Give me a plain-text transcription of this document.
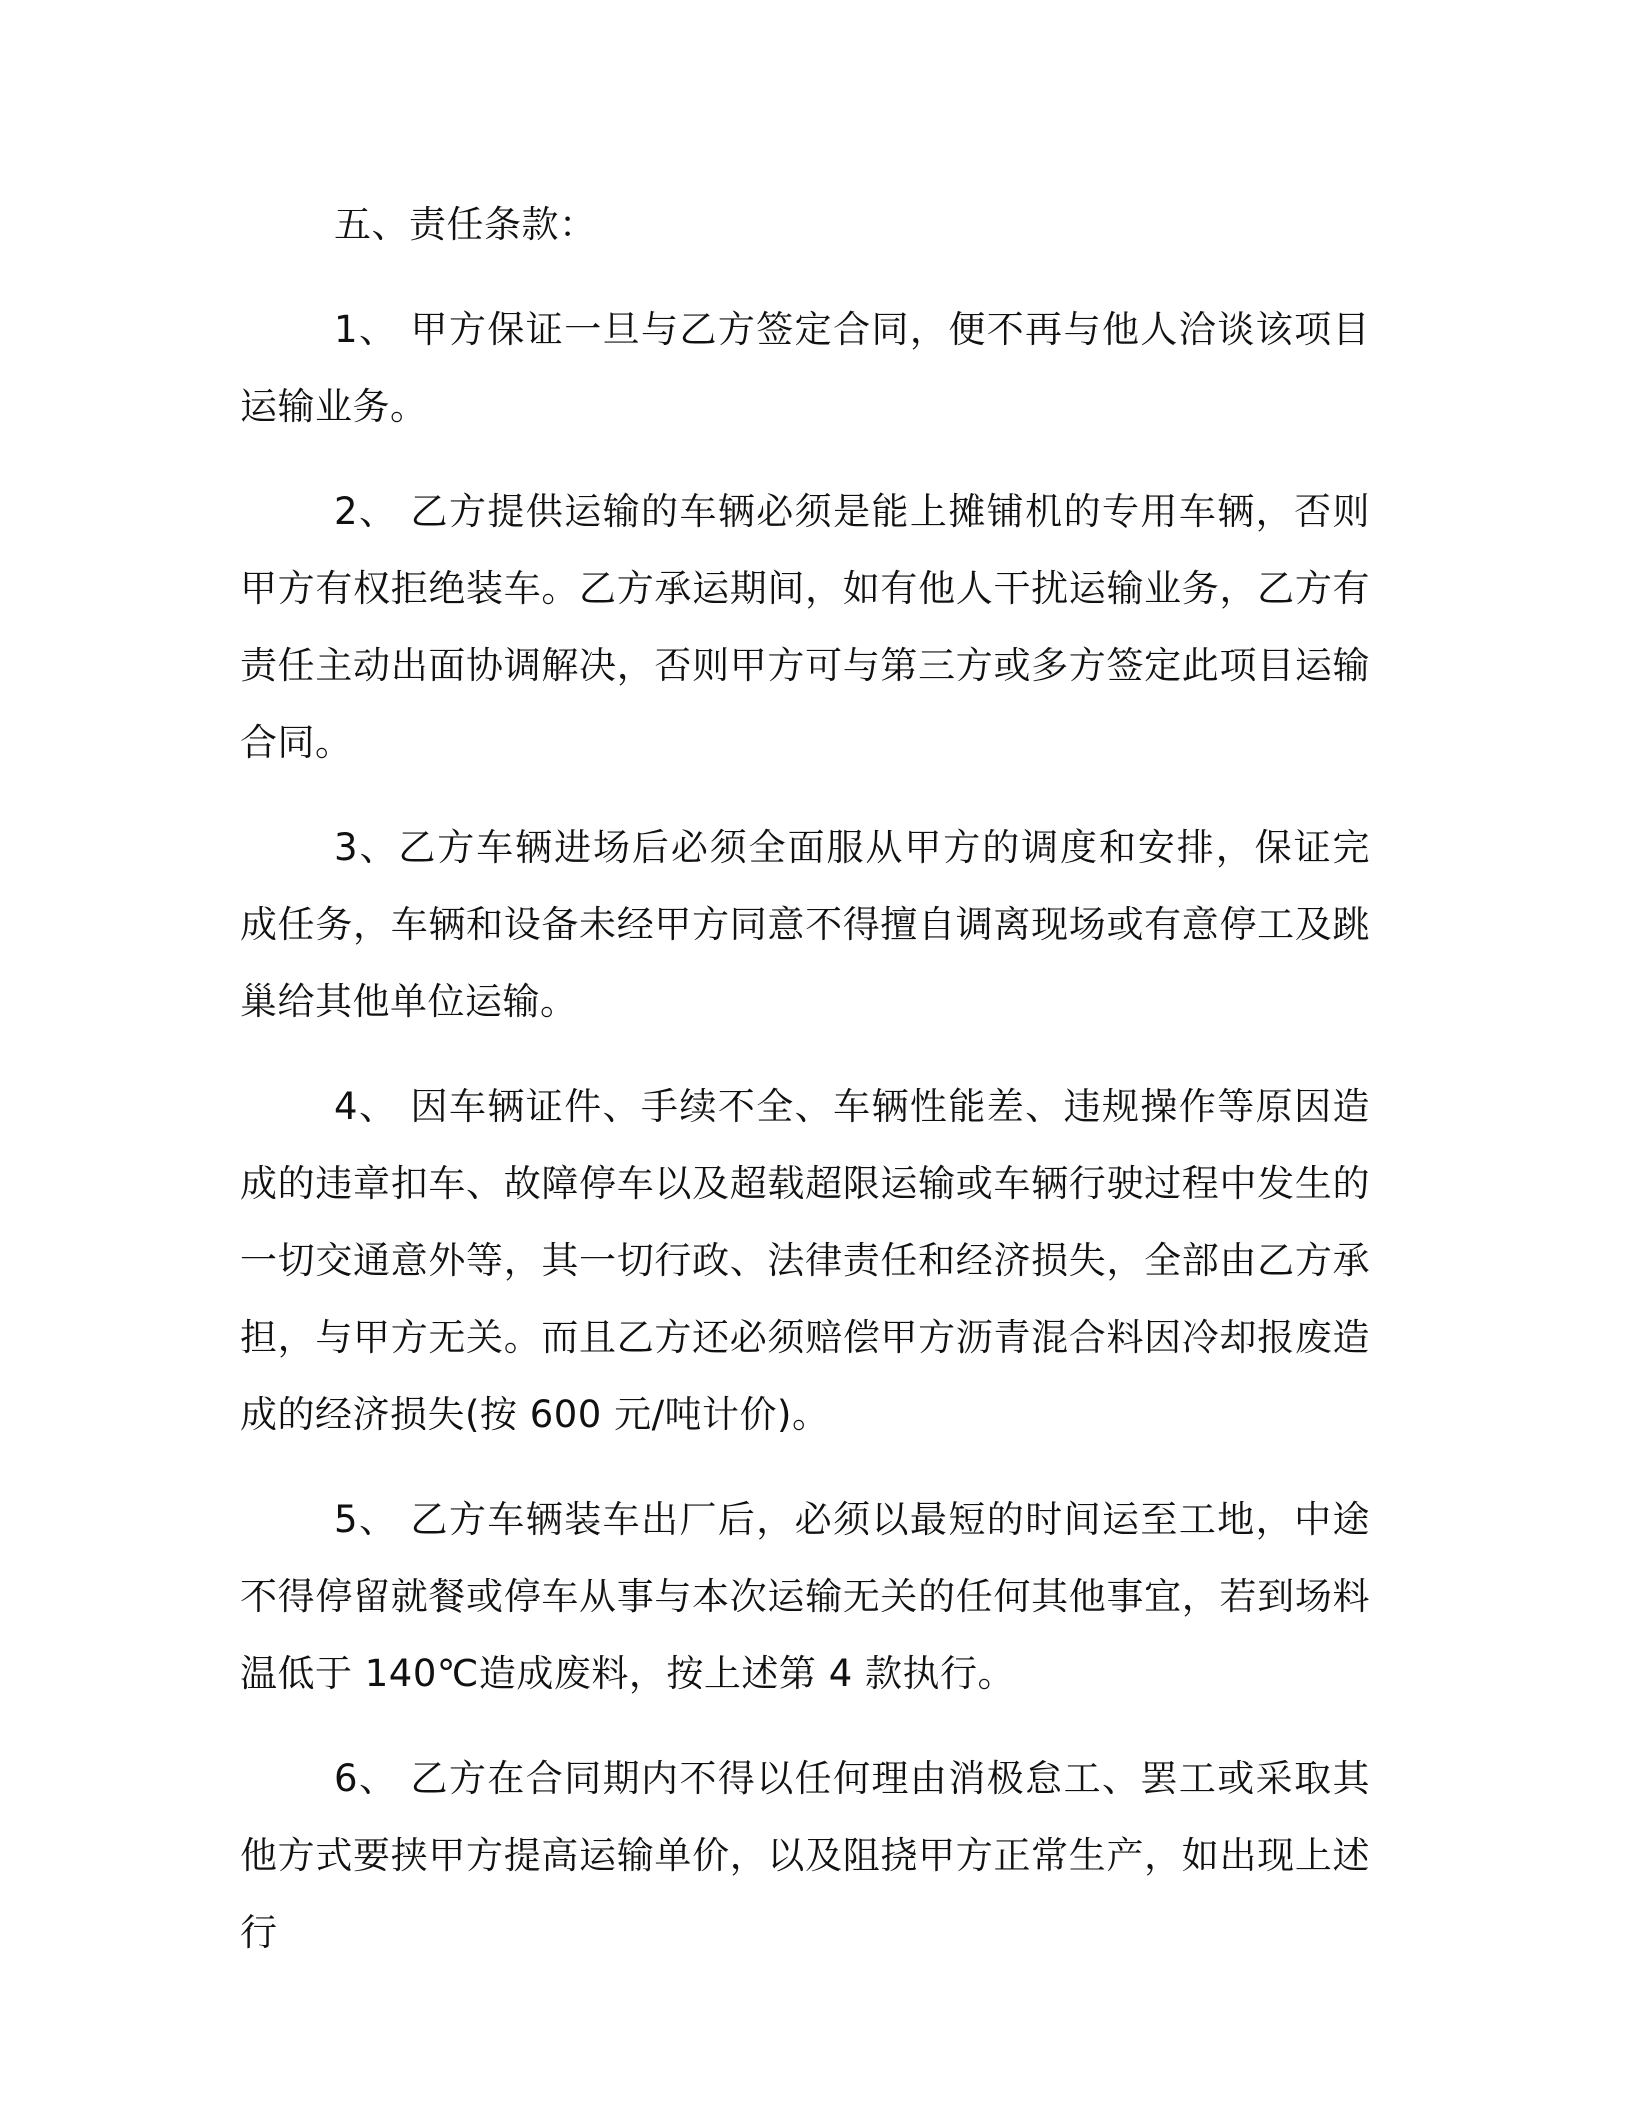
五、责任条款：

1、 甲方保证一旦与乙方签定合同，便不再与他人洽谈该项目运输业务。

2、 乙方提供运输的车辆必须是能上摊铺机的专用车辆，否则甲方有权拒绝装车。乙方承运期间，如有他人干扰运输业务，乙方有责任主动出面协调解决，否则甲方可与第三方或多方签定此项目运输合同。

3、乙方车辆进场后必须全面服从甲方的调度和安排，保证完成任务，车辆和设备未经甲方同意不得擅自调离现场或有意停工及跳巢给其他单位运输。

4、 因车辆证件、手续不全、车辆性能差、违规操作等原因造成的违章扣车、故障停车以及超载超限运输或车辆行驶过程中发生的一切交通意外等，其一切行政、法律责任和经济损失，全部由乙方承担，与甲方无关。而且乙方还必须赔偿甲方沥青混合料因冷却报废造成的经济损失(按 600 元/吨计价)。

5、 乙方车辆装车出厂后，必须以最短的时间运至工地，中途不得停留就餐或停车从事与本次运输无关的任何其他事宜，若到场料温低于 140℃造成废料，按上述第 4 款执行。

6、 乙方在合同期内不得以任何理由消极怠工、罢工或采取其他方式要挟甲方提高运输单价，以及阻挠甲方正常生产，如出现上述行
